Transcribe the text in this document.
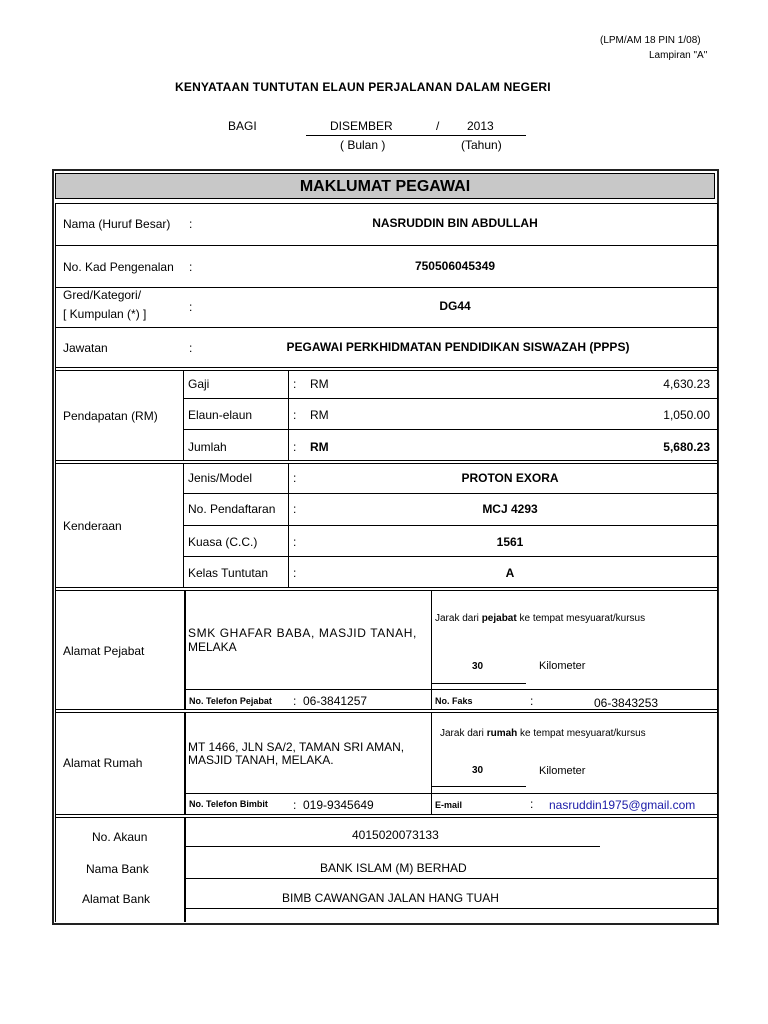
(LPM/AM 18 PIN 1/08)
Lampiran "A"
KENYATAAN TUNTUTAN ELAUN PERJALANAN DALAM NEGERI
BAGI	DISEMBER	/ 2013
( Bulan )	(Tahun)
MAKLUMAT PEGAWAI
Nama (Huruf Besar) :	NASRUDDIN BIN ABDULLAH
No. Kad Pengenalan :	750506045349
Gred/Kategori/
[ Kumpulan (*) ]	:	DG44
Jawatan	:	PEGAWAI PERKHIDMATAN PENDIDIKAN SISWAZAH (PPPS)
Pendapatan (RM)
Gaji	: RM	4,630.23
Elaun-elaun	: RM	1,050.00
Jumlah	: RM	5,680.23
Kenderaan
Jenis/Model	:	PROTON EXORA
No. Pendaftaran :	MCJ 4293
Kuasa (C.C.)	:	1561
Kelas Tuntutan :	A
Alamat Pejabat
SMK GHAFAR BABA, MASJID TANAH,
MELAKA
Jarak dari pejabat ke tempat mesyuarat/kursus
30	Kilometer
No. Telefon Pejabat : 06-3841257	No. Faks	:	06-3843253
Alamat Rumah
MT 1466, JLN SA/2, TAMAN SRI AMAN,
MASJID TANAH, MELAKA.
Jarak dari rumah ke tempat mesyuarat/kursus
30	Kilometer
No. Telefon Bimbit : 019-9345649	E-mail	: nasruddin1975@gmail.com
No. Akaun	4015020073133
Nama Bank	BANK ISLAM (M) BERHAD
Alamat Bank	BIMB CAWANGAN JALAN HANG TUAH
